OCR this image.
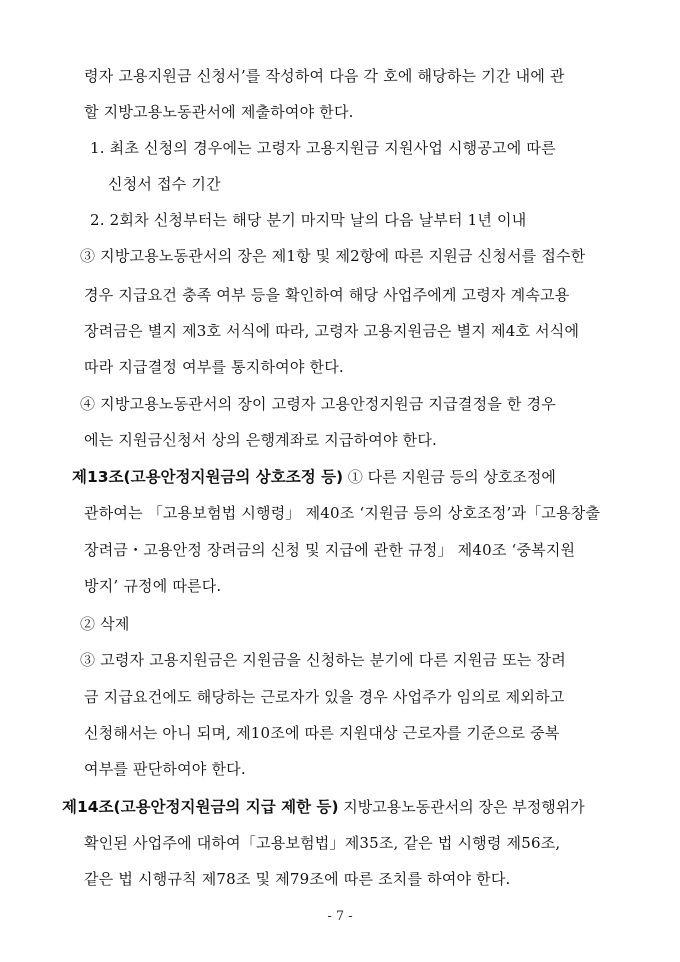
령자 고용지원금 신청서’를 작성하여 다음 각 호에 해당하는 기간 내에 관
할 지방고용노동관서에 제출하여야 한다.
1. 최초 신청의 경우에는 고령자 고용지원금 지원사업 시행공고에 따른
신청서 접수 기간
2. 2회차 신청부터는 해당 분기 마지막 날의 다음 날부터 1년 이내
③ 지방고용노동관서의 장은 제1항 및 제2항에 따른 지원금 신청서를 접수한
경우 지급요건 충족 여부 등을 확인하여 해당 사업주에게 고령자 계속고용
장려금은 별지 제3호 서식에 따라, 고령자 고용지원금은 별지 제4호 서식에
따라 지급결정 여부를 통지하여야 한다.
④ 지방고용노동관서의 장이 고령자 고용안정지원금 지급결정을 한 경우
에는 지원금신청서 상의 은행계좌로 지급하여야 한다.
제13조(고용안정지원금의 상호조정 등) ① 다른 지원금 등의 상호조정에
관하여는 「고용보험법 시행령」 제40조 ‘지원금 등의 상호조정’과「고용창출
장려금・고용안정 장려금의 신청 및 지급에 관한 규정」 제40조 ‘중복지원
방지’ 규정에 따른다.
② 삭제
③ 고령자 고용지원금은 지원금을 신청하는 분기에 다른 지원금 또는 장려
금 지급요건에도 해당하는 근로자가 있을 경우 사업주가 임의로 제외하고
신청해서는 아니 되며, 제10조에 따른 지원대상 근로자를 기준으로 중복
여부를 판단하여야 한다.
제14조(고용안정지원금의 지급 제한 등) 지방고용노동관서의 장은 부정행위가
확인된 사업주에 대하여「고용보험법」제35조, 같은 법 시행령 제56조,
같은 법 시행규칙 제78조 및 제79조에 따른 조치를 하여야 한다.
- 7 -
